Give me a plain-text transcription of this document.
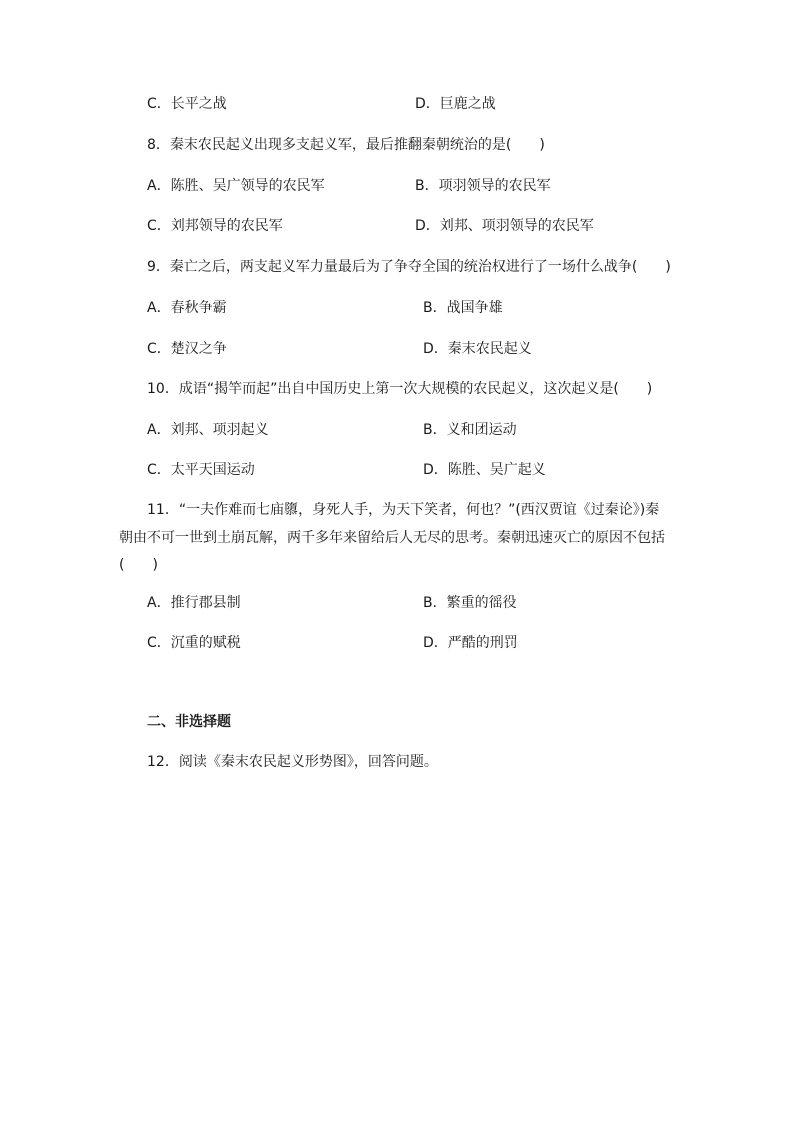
C．长平之战	D．巨鹿之战
8．秦末农民起义出现多支起义军，最后推翻秦朝统治的是(　　)
A．陈胜、吴广领导的农民军	B．项羽领导的农民军
C．刘邦领导的农民军	D．刘邦、项羽领导的农民军
9．秦亡之后，两支起义军力量最后为了争夺全国的统治权进行了一场什么战争(　　)
A．春秋争霸	B．战国争雄
C．楚汉之争	D．秦末农民起义
10．成语“揭竿而起”出自中国历史上第一次大规模的农民起义，这次起义是(　　)
A．刘邦、项羽起义	B．义和团运动
C．太平天国运动	D．陈胜、吴广起义
11．“一夫作难而七庙隳，身死人手，为天下笑者，何也？”(西汉贾谊《过秦论》)秦
朝由不可一世到土崩瓦解，两千多年来留给后人无尽的思考。秦朝迅速灭亡的原因不包括
(　　)
A．推行郡县制	B．繁重的徭役
C．沉重的赋税	D．严酷的刑罚
二、非选择题
12．阅读《秦末农民起义形势图》，回答问题。
